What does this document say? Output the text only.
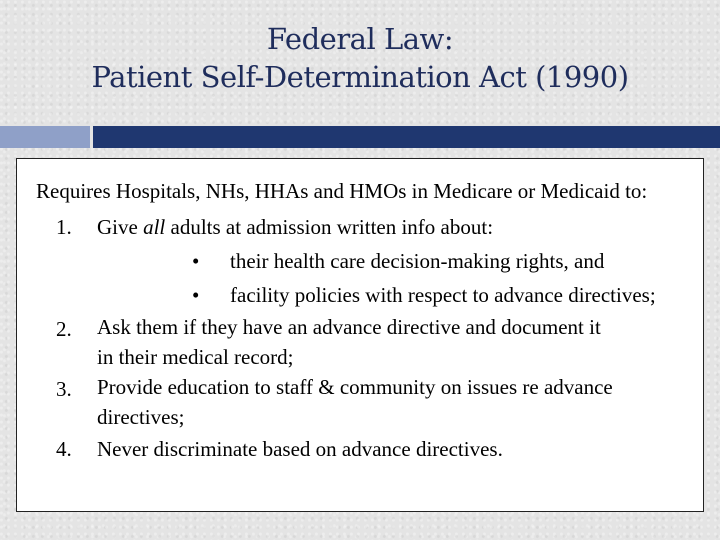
Federal Law:
Patient Self-Determination Act (1990)

Requires Hospitals, NHs, HHAs and HMOs in Medicare or Medicaid to:

1. Give all adults at admission written info about:
• their health care decision-making rights, and
• facility policies with respect to advance directives;
2. Ask them if they have an advance directive and document it
in their medical record;
3. Provide education to staff & community on issues re advance
directives;
4. Never discriminate based on advance directives.
